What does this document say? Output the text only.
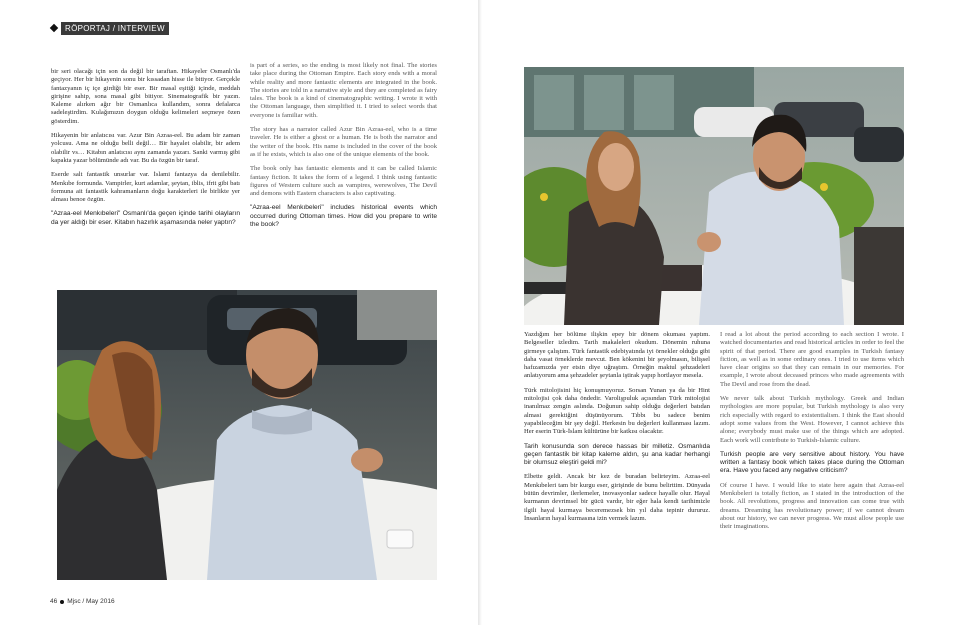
RÖPORTAJ / INTERVIEW

bir seri olacağı için son da değil bir taraftan. Hikayeler Osmanlı'da geçiyor. Her bir hikayenin sonu bir kıssadan hisse ile bitiyor. Gerçekle fantazyanın iç içe girdiği bir eser. Bir masal eşitiği içinde, meddah girişine sahip, sona masal gibi bitiyor. Sinematografik bir yazın. Kalemе alırken ağır bir Osmanlıca kullandım, sonra defalarca sadeleştirdim. Kulağımızın doygun olduğu kelimeleri seçmeye özen gösterdim.

Hikayenin bir anlatıcısı var. Azur Bin Azraa-eel. Bu adam bir zaman yolcusu. Ama ne olduğu belli değil… Bir hayalet olabilir, bir adem olabilir vs… Kitabın anlatıcısı aynı zamanda yazarı. Sanki varmış gibi kapakta yazar bölümünde adı var. Bu da özgün bir taraf.

Eserde salt fantastik unsurlar var. İslami fantazya da denilebilir. Menkıbe formunda. Vampirler, kurt adamlar, şeytan, iblis, ifrit gibi batı formuna ait fantastik kahramanların doğu karakterleri ile birlikte yer alması benoe özgün.

"Azraa-eel Menkıbeleri" Osmanlı'da geçen içinde tarihi olayların da yer aldığı bir eser. Kitabın hazırlık aşamasında neler yaptın?

is part of a series, so the ending is most likely not final. The stories take place during the Ottoman Empire. Each story ends with a moral while reality and more fantastic elements are integrated in the book. The stories are told in a narrative style and they are completed as fairy tales. The book is a kind of cinematographic writing. I wrote it with the Ottoman language, then simplified it. I tried to select words that everyone is familiar with.

The story has a narrator called Azur Bin Azraa-eel, who is a time traveler. He is either a ghost or a human. He is both the narrator and the writer of the book. His name is included in the cover of the book as if he exists, which is also one of the unique elements of the book.

The book only has fantastic elements and it can be called Islamic fantasy fiction. It takes the form of a legend. I think using fantastic figures of Western culture such as vampires, werewolves, The Devil and demons with Eastern characters is also captivating.

"Azraa-eel Menkıbeleri" includes historical events which occurred during Ottoman times. How did you prepare to write the book?

Yazdığım her bölüme ilişkin epey bir dönem okuması yaptım. Belgeseller izledim. Tarih makaleleri okudum. Dönemin ruhuna girmeye çalıştım. Türk fantastik edebiyatında iyi örnekler olduğu gibi daha vasat örneklerde mevcut. Ben kökenini bir şeyolmasın, bilişsel hafızamızda yer etsin diye uğraştım. Örneğin maktul şehzadeleri anlatıyorum ama şehzadeler şeytanla iştirak yapıp hortlayor mesela.

Türk mitolojisini hiç konuşmuyoruz. Sorsan Yunan ya da bir Hint mitolojisi çok daha öndedir. Varolişpuluk açısından Türk mitolojisi inanılmaz zengin aslında. Doğunun sahip olduğu değerleri batıdan almasi gerektiğini düşünüyorum. Tıbbı bu sadece benim yapabileceğim bir şey değil. Herkesin bu değerleri kullanması lazım. Her eserin Türk-İslam kültürüne bir katkısı olacaktır.

Tarih konusunda son derece hassas bir milletiz. Osmanlıda geçen fantastik bir kitap kaleme aldın, şu ana kadar herhangi bir olumsuz eleştiri geldi mi?

Elbette geldi. Ancak bir kez de buradan belirteyim. Azraa-eel Menkıbeleri tam bir kurgu eser, girişinde de bunu belirttim. Dünyada bütün devrimler, ilerlemeler, inovasyonlar sadece hayalle olur. Hayal kurmanın devrimsel bir gücü vardır, bir eğer hala kendi tarihimizle ilgili hayal kurmaya beceremezsek bin yıl daha tepinir dururuz. İnsanların hayal kurmasına izin vermek lazım.

I read a lot about the period according to each section I wrote. I watched documentaries and read historical articles in order to feel the spirit of that period. There are good examples in Turkish fantasy fiction, as well as in some ordinary ones. I tried to use items which have clear origins so that they can remain in our memories. For example, I wrote about deceased princes who made agreements with The Devil and rose from the dead.

We never talk about Turkish mythology. Greek and Indian mythologies are more popular, but Turkish mythology is also very rich especially with regard to existentialism. I think the East should adopt some values from the West. However, I cannot achieve this alone; everybody must make use of the things which are adopted. Each work will contribute to Turkish-Islamic culture.

Turkish people are very sensitive about history. You have written a fantasy book which takes place during the Ottoman era. Have you faced any negative criticism?

Of course I have. I would like to state here again that Azraa-eel Menkıbeleri is totally fiction, as I stated in the introduction of the book. All revolutions, progress and innovation can come true with dreams. Dreaming has revolutionary power; if we cannot dream about our history, we can never progress. We must allow people use their imaginations.

46 Mjsc / May 2016
